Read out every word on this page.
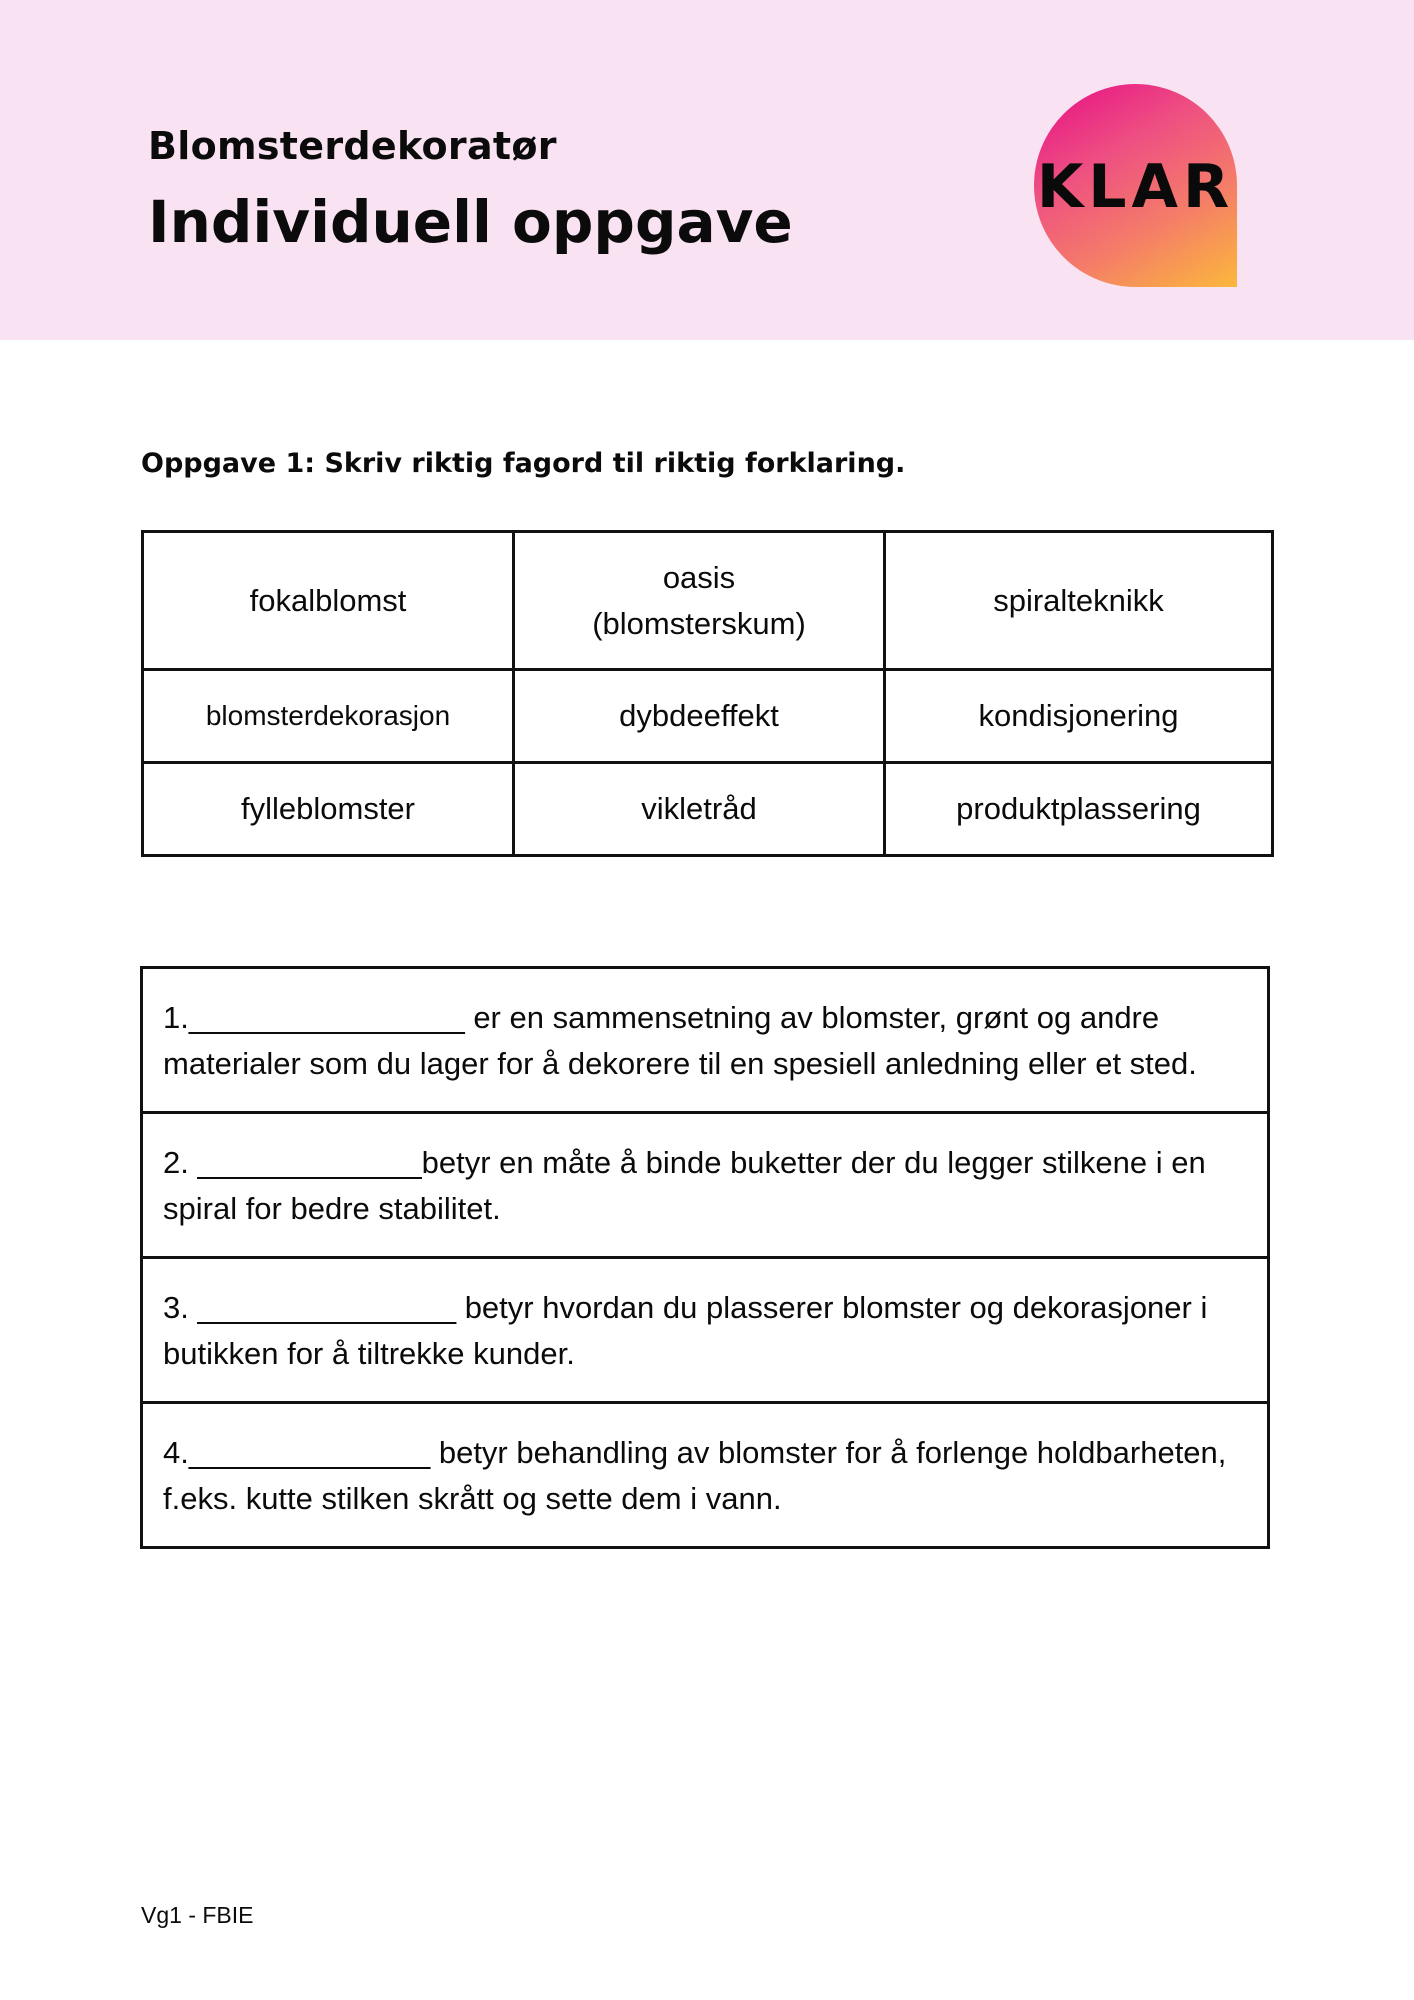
Blomsterdekoratør
Individuell oppgave	KLAR
Oppgave 1: Skriv riktig fagord til riktig forklaring.
fokalblomst	oasis (blomsterskum)	spiralteknikk
blomsterdekorasjon	dybdeeffekt	kondisjonering
fylleblomster	vikletråd	produktplassering
1.________________ er en sammensetning av blomster, grønt og andre materialer som du lager for å dekorere til en spesiell anledning eller et sted.
2. _____________betyr en måte å binde buketter der du legger stilkene i en spiral for bedre stabilitet.
3. _______________ betyr hvordan du plasserer blomster og dekorasjoner i butikken for å tiltrekke kunder.
4.______________ betyr behandling av blomster for å forlenge holdbarheten, f.eks. kutte stilken skrått og sette dem i vann.
Vg1 - FBIE
